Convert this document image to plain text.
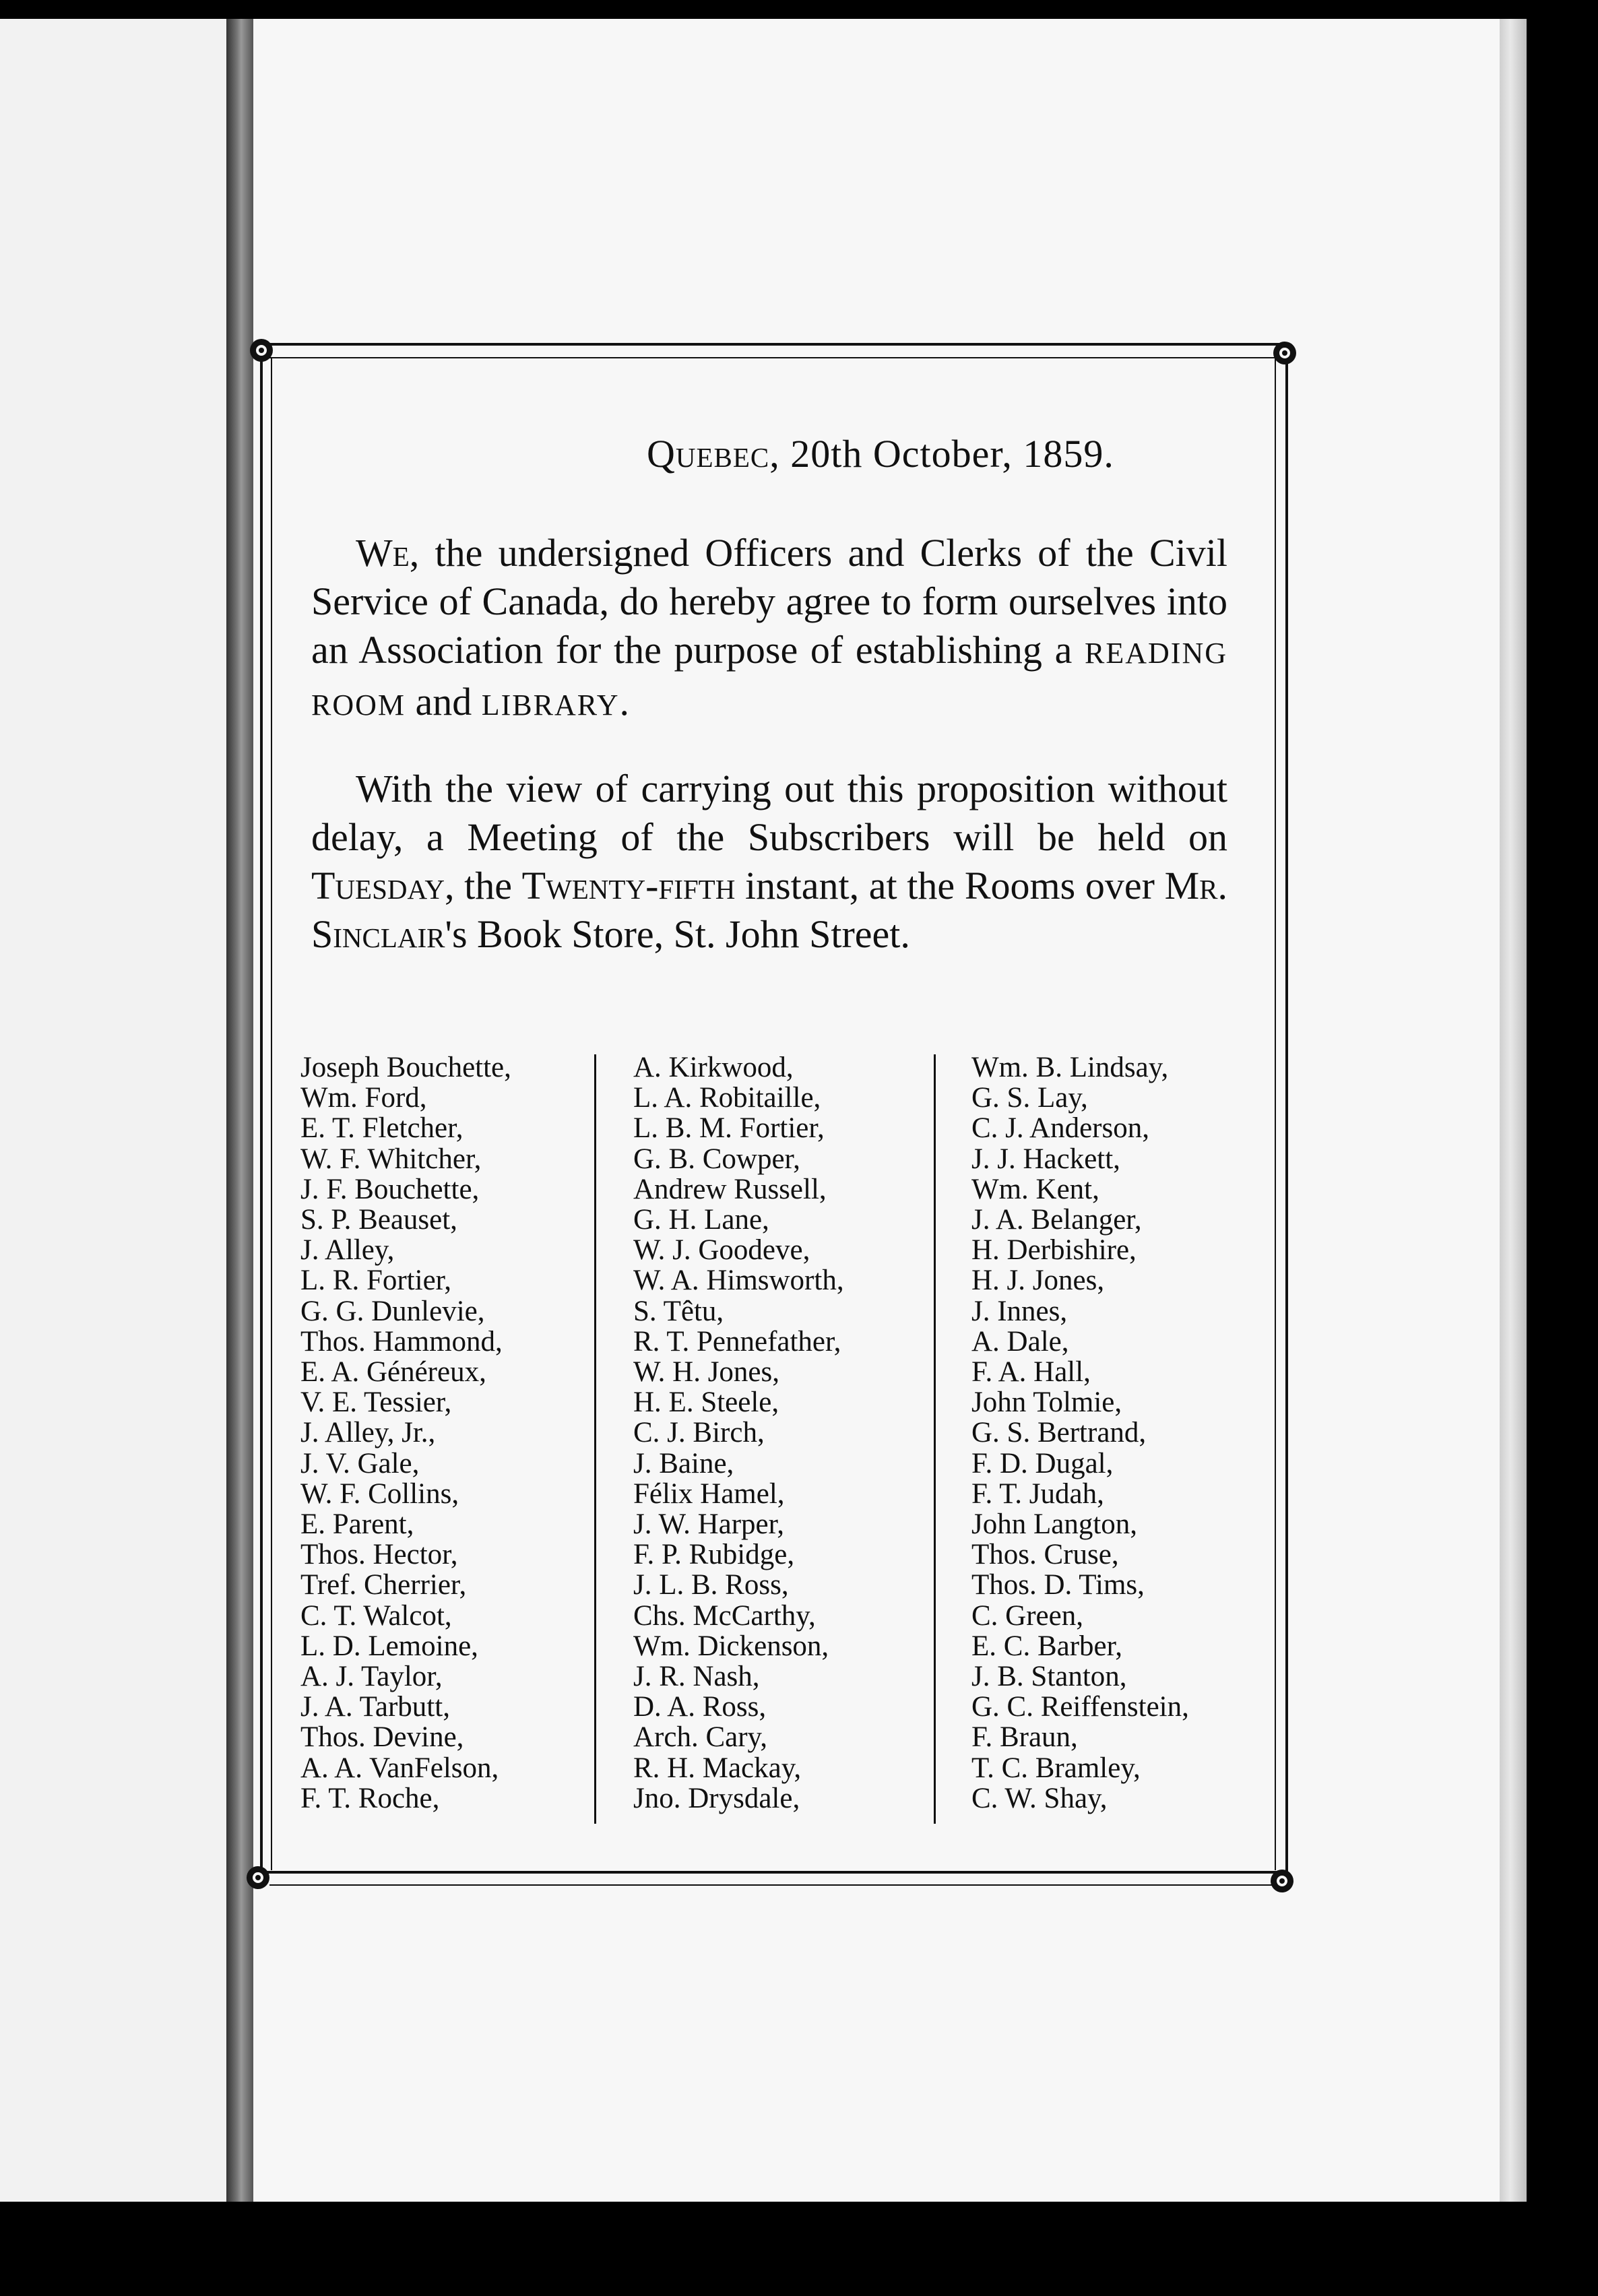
Quebec, 20th October, 1859.
We, the undersigned Officers and Clerks of the Civil Service of Canada, do hereby agree to form ourselves into an Association for the purpose of establishing a READING ROOM and LIBRARY.
With the view of carrying out this proposition without delay, a Meeting of the Subscribers will be held on Tuesday, the Twenty-fifth instant, at the Rooms over Mr. Sinclair's Book Store, St. John Street.
Joseph Bouchette,
Wm. Ford,
E. T. Fletcher,
W. F. Whitcher,
J. F. Bouchette,
S. P. Beauset,
J. Alley,
L. R. Fortier,
G. G. Dunlevie,
Thos. Hammond,
E. A. Généreux,
V. E. Tessier,
J. Alley, Jr.,
J. V. Gale,
W. F. Collins,
E. Parent,
Thos. Hector,
Tref. Cherrier,
C. T. Walcot,
L. D. Lemoine,
A. J. Taylor,
J. A. Tarbutt,
Thos. Devine,
A. A. VanFelson,
F. T. Roche,
A. Kirkwood,
L. A. Robitaille,
L. B. M. Fortier,
G. B. Cowper,
Andrew Russell,
G. H. Lane,
W. J. Goodeve,
W. A. Himsworth,
S. Têtu,
R. T. Pennefather,
W. H. Jones,
H. E. Steele,
C. J. Birch,
J. Baine,
Félix Hamel,
J. W. Harper,
F. P. Rubidge,
J. L. B. Ross,
Chs. McCarthy,
Wm. Dickenson,
J. R. Nash,
D. A. Ross,
Arch. Cary,
R. H. Mackay,
Jno. Drysdale,
Wm. B. Lindsay,
G. S. Lay,
C. J. Anderson,
J. J. Hackett,
Wm. Kent,
J. A. Belanger,
H. Derbishire,
H. J. Jones,
J. Innes,
A. Dale,
F. A. Hall,
John Tolmie,
G. S. Bertrand,
F. D. Dugal,
F. T. Judah,
John Langton,
Thos. Cruse,
Thos. D. Tims,
C. Green,
E. C. Barber,
J. B. Stanton,
G. C. Reiffenstein,
F. Braun,
T. C. Bramley,
C. W. Shay,
